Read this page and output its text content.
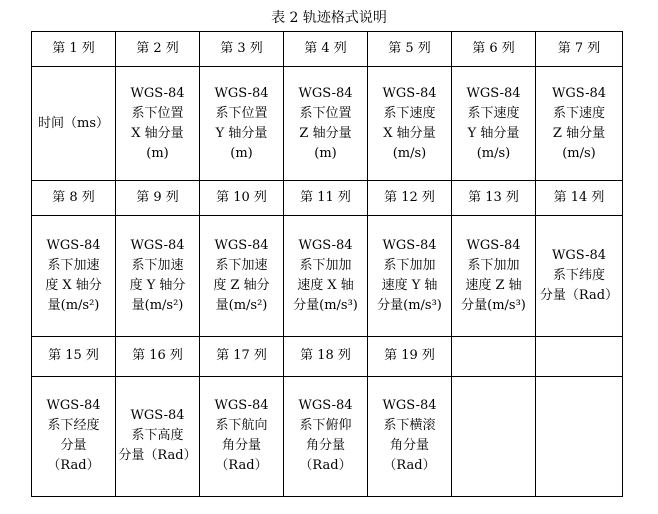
表 2 轨迹格式说明
第 1 列	第 2 列	第 3 列	第 4 列	第 5 列	第 6 列	第 7 列

时间（ms）	WGS-84
系下位置
X 轴分量
(m)	WGS-84
系下位置
Y 轴分量
(m)	WGS-84
系下位置
Z 轴分量
(m)	WGS-84
系下速度
X 轴分量
(m/s)	WGS-84
系下速度
Y 轴分量
(m/s)	WGS-84
系下速度
Z 轴分量
(m/s)

第 8 列	第 9 列	第 10 列	第 11 列	第 12 列	第 13 列	第 14 列

WGS-84
系下加速
度 X 轴分
量(m/s²)	WGS-84
系下加速
度 Y 轴分
量(m/s²)	WGS-84
系下加速
度 Z 轴分
量(m/s²)	WGS-84
系下加加
速度 X 轴
分量(m/s³)	WGS-84
系下加加
速度 Y 轴
分量(m/s³)	WGS-84
系下加加
速度 Z 轴
分量(m/s³)	WGS-84
系下纬度
分量（Rad）

第 15 列	第 16 列	第 17 列	第 18 列	第 19 列		

WGS-84
系下经度
分量
（Rad）	WGS-84
系下高度
分量（Rad）	WGS-84
系下航向
角分量
（Rad）	WGS-84
系下俯仰
角分量
（Rad）	WGS-84
系下横滚
角分量
（Rad）		
